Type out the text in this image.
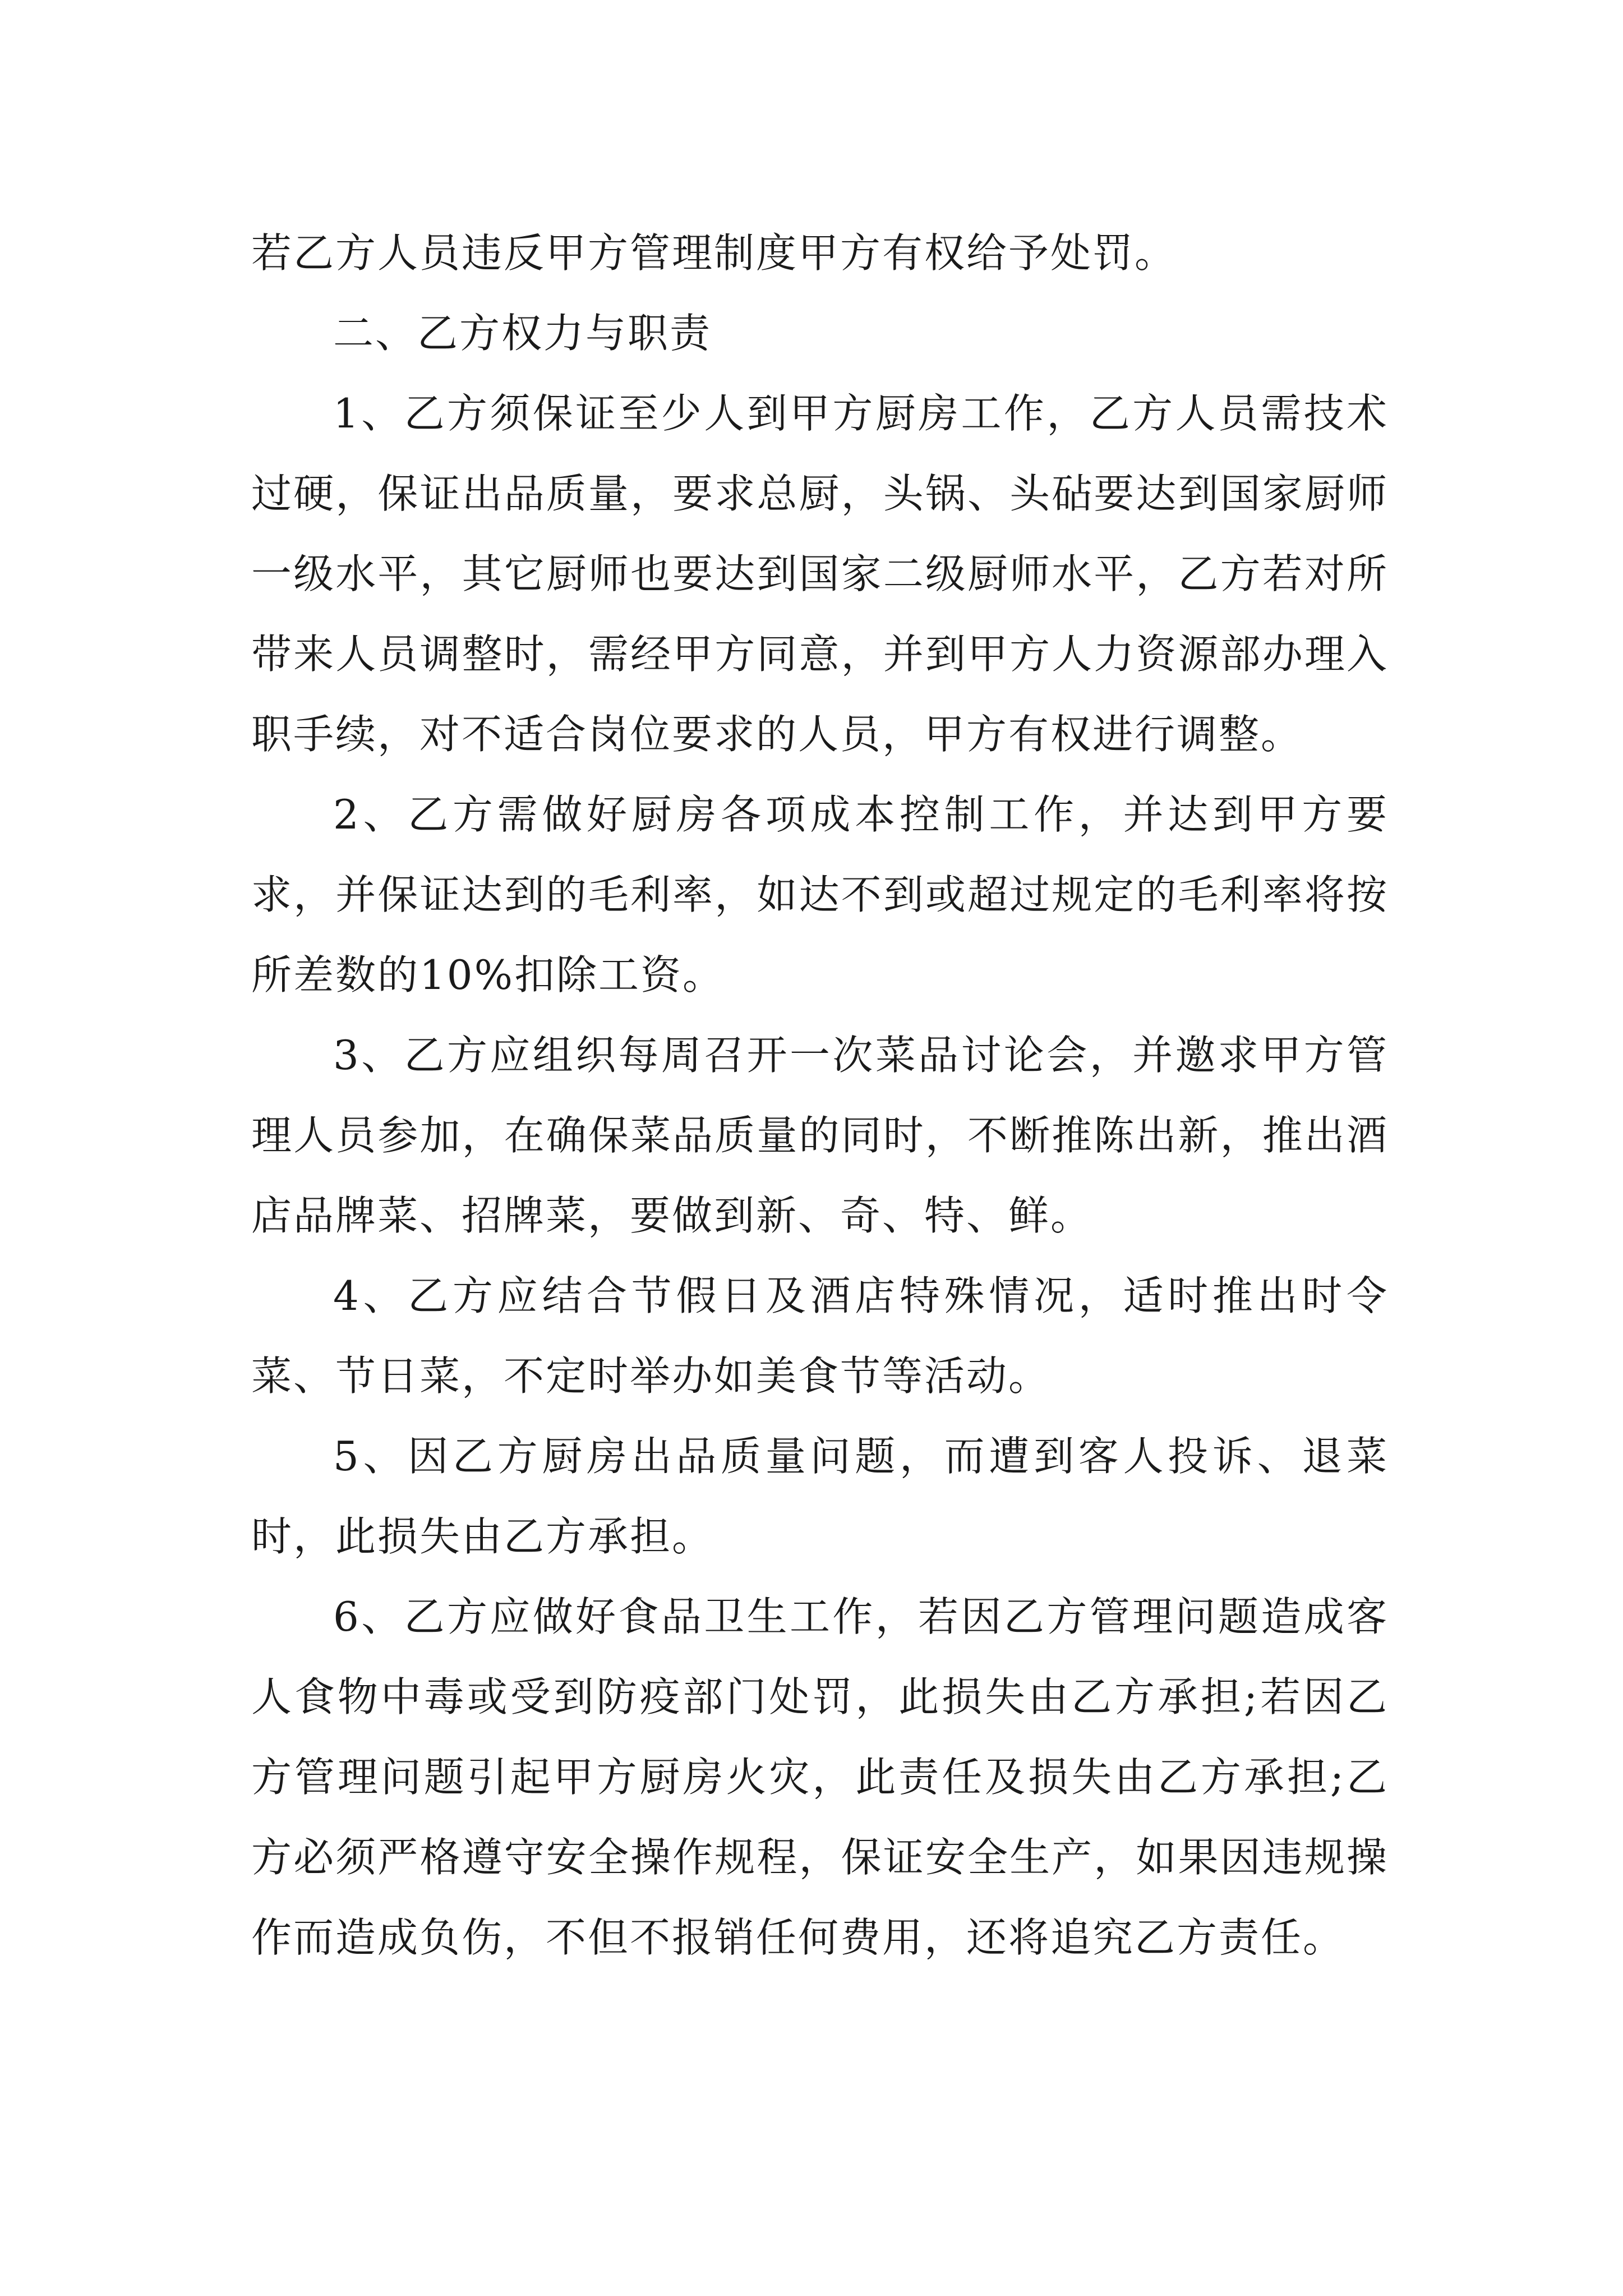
若乙方人员违反甲方管理制度甲方有权给予处罚。

二、乙方权力与职责

1、乙方须保证至少人到甲方厨房工作，乙方人员需技术过硬，保证出品质量，要求总厨，头锅、头砧要达到国家厨师一级水平，其它厨师也要达到国家二级厨师水平，乙方若对所带来人员调整时，需经甲方同意，并到甲方人力资源部办理入职手续，对不适合岗位要求的人员，甲方有权进行调整。

2、乙方需做好厨房各项成本控制工作，并达到甲方要求，并保证达到的毛利率，如达不到或超过规定的毛利率将按所差数的10%扣除工资。

3、乙方应组织每周召开一次菜品讨论会，并邀求甲方管理人员参加，在确保菜品质量的同时，不断推陈出新，推出酒店品牌菜、招牌菜，要做到新、奇、特、鲜。

4、乙方应结合节假日及酒店特殊情况，适时推出时令菜、节日菜，不定时举办如美食节等活动。

5、因乙方厨房出品质量问题，而遭到客人投诉、退菜时，此损失由乙方承担。

6、乙方应做好食品卫生工作，若因乙方管理问题造成客人食物中毒或受到防疫部门处罚，此损失由乙方承担;若因乙方管理问题引起甲方厨房火灾，此责任及损失由乙方承担;乙方必须严格遵守安全操作规程，保证安全生产，如果因违规操作而造成负伤，不但不报销任何费用，还将追究乙方责任。
